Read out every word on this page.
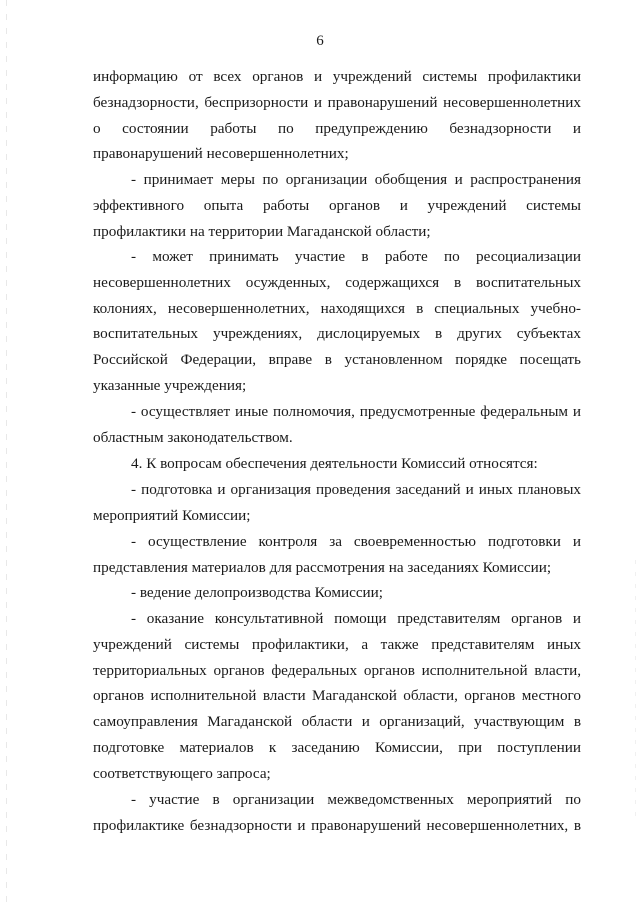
6

информацию от всех органов и учреждений системы профилактики безнадзорности, беспризорности и правонарушений несовершеннолетних о состоянии работы по предупреждению безнадзорности и правонарушений несовершеннолетних;

- принимает меры по организации обобщения и распространения эффективного опыта работы органов и учреждений системы профилактики на территории Магаданской области;

- может принимать участие в работе по ресоциализации несовершеннолетних осужденных, содержащихся в воспитательных колониях, несовершеннолетних, находящихся в специальных учебно-воспитательных учреждениях, дислоцируемых в других субъектах Российской Федерации, вправе в установленном порядке посещать указанные учреждения;

- осуществляет иные полномочия, предусмотренные федеральным и областным законодательством.

4. К вопросам обеспечения деятельности Комиссий относятся:

- подготовка и организация проведения заседаний и иных плановых мероприятий Комиссии;

- осуществление контроля за своевременностью подготовки и представления материалов для рассмотрения на заседаниях Комиссии;

- ведение делопроизводства Комиссии;

- оказание консультативной помощи представителям органов и учреждений системы профилактики, а также представителям иных территориальных органов федеральных органов исполнительной власти, органов исполнительной власти Магаданской области, органов местного самоуправления Магаданской области и организаций, участвующим в подготовке материалов к заседанию Комиссии, при поступлении соответствующего запроса;

- участие в организации межведомственных мероприятий по профилактике безнадзорности и правонарушений несовершеннолетних, в
